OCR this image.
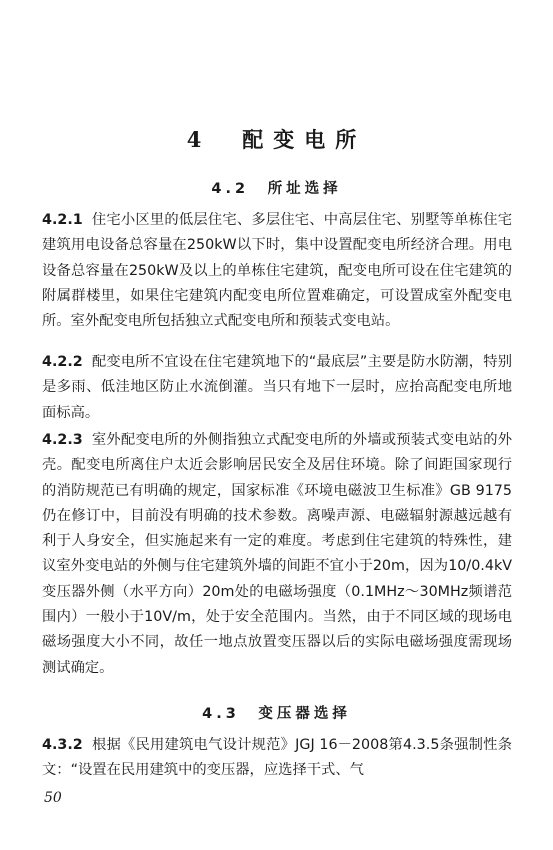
4　配变电所
4.2　所址选择
4.2.1 住宅小区里的低层住宅、多层住宅、中高层住宅、别墅等单栋住宅建筑用电设备总容量在250kW以下时，集中设置配变电所经济合理。用电设备总容量在250kW及以上的单栋住宅建筑，配变电所可设在住宅建筑的附属群楼里，如果住宅建筑内配变电所位置难确定，可设置成室外配变电所。室外配变电所包括独立式配变电所和预装式变电站。
4.2.2 配变电所不宜设在住宅建筑地下的“最底层”主要是防水防潮，特别是多雨、低洼地区防止水流倒灌。当只有地下一层时，应抬高配变电所地面标高。
4.2.3 室外配变电所的外侧指独立式配变电所的外墙或预装式变电站的外壳。配变电所离住户太近会影响居民安全及居住环境。除了间距国家现行的消防规范已有明确的规定，国家标准《环境电磁波卫生标准》GB 9175仍在修订中，目前没有明确的技术参数。离噪声源、电磁辐射源越远越有利于人身安全，但实施起来有一定的难度。考虑到住宅建筑的特殊性，建议室外变电站的外侧与住宅建筑外墙的间距不宜小于20m，因为10/0.4kV变压器外侧（水平方向）20m处的电磁场强度（0.1MHz～30MHz频谱范围内）一般小于10V/m，处于安全范围内。当然，由于不同区域的现场电磁场强度大小不同，故任一地点放置变压器以后的实际电磁场强度需现场测试确定。
4.3　变压器选择
4.3.2 根据《民用建筑电气设计规范》JGJ 16－2008第4.3.5条强制性条文：“设置在民用建筑中的变压器，应选择干式、气
50
